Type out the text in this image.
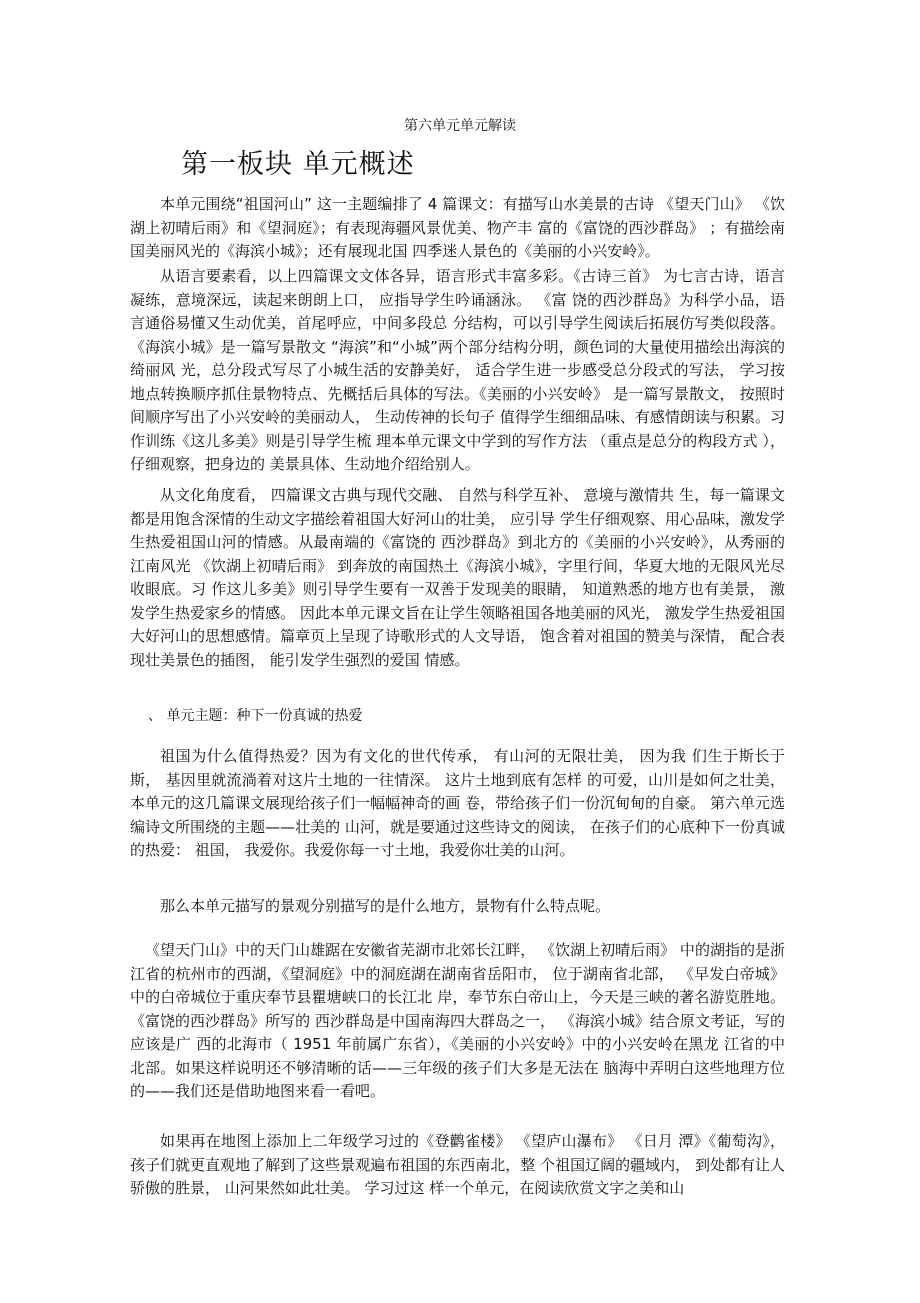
第六单元单元解读
第一板块 单元概述

本单元围绕“祖国河山” 这一主题编排了 4 篇课文：有描写山水美景的古诗 《望天门山》 《饮湖上初晴后雨》和《望洞庭》；有表现海疆风景优美、物产丰 富的《富饶的西沙群岛》 ；有描绘南国美丽风光的《海滨小城》；还有展现北国 四季迷人景色的《美丽的小兴安岭》。

从语言要素看，以上四篇课文文体各异，语言形式丰富多彩。《古诗三首》 为七言古诗，语言凝练，意境深远，读起来朗朗上口， 应指导学生吟诵涵泳。 《富 饶的西沙群岛》为科学小品，语言通俗易懂又生动优美，首尾呼应，中间多段总 分结构，可以引导学生阅读后拓展仿写类似段落。 《海滨小城》是一篇写景散文 “海滨”和“小城”两个部分结构分明，颜色词的大量使用描绘出海滨的绮丽风 光，总分段式写尽了小城生活的安静美好， 适合学生进一步感受总分段式的写法， 学习按地点转换顺序抓住景物特点、先概括后具体的写法。《美丽的小兴安岭》 是一篇写景散文， 按照时间顺序写出了小兴安岭的美丽动人， 生动传神的长句子 值得学生细细品味、有感情朗读与积累。习作训练《这儿多美》则是引导学生梳 理本单元课文中学到的写作方法 （重点是总分的构段方式 ），仔细观察，把身边的 美景具体、生动地介绍给别人。

从文化角度看， 四篇课文古典与现代交融、 自然与科学互补、 意境与激情共 生，每一篇课文都是用饱含深情的生动文字描绘着祖国大好河山的壮美， 应引导 学生仔细观察、用心品味，激发学生热爱祖国山河的情感。从最南端的《富饶的 西沙群岛》到北方的《美丽的小兴安岭》，从秀丽的江南风光 《饮湖上初晴后雨》 到奔放的南国热土《海滨小城》，字里行间，华夏大地的无限风光尽收眼底。习 作这儿多美》则引导学生要有一双善于发现美的眼睛， 知道熟悉的地方也有美景， 激发学生热爱家乡的情感。 因此本单元课文旨在让学生领略祖国各地美丽的风光， 激发学生热爱祖国大好河山的思想感情。篇章页上呈现了诗歌形式的人文导语， 饱含着对祖国的赞美与深情， 配合表现壮美景色的插图， 能引发学生强烈的爱国 情感。

、 单元主题：种下一份真诚的热爱

祖国为什么值得热爱？因为有文化的世代传承， 有山河的无限壮美， 因为我 们生于斯长于斯， 基因里就流淌着对这片土地的一往情深。 这片土地到底有怎样 的可爱，山川是如何之壮美， 本单元的这几篇课文展现给孩子们一幅幅神奇的画 卷，带给孩子们一份沉甸甸的自豪。 第六单元选编诗文所围绕的主题——壮美的 山河，就是要通过这些诗文的阅读， 在孩子们的心底种下一份真诚的热爱： 祖国， 我爱你。我爱你每一寸土地，我爱你壮美的山河。

那么本单元描写的景观分别描写的是什么地方，景物有什么特点呢。

《望天门山》中的天门山雄踞在安徽省芜湖市北郊长江畔， 《饮湖上初晴后雨》 中的湖指的是浙江省的杭州市的西湖，《望洞庭》中的洞庭湖在湖南省岳阳市， 位于湖南省北部， 《早发白帝城》 中的白帝城位于重庆奉节县瞿塘峡口的长江北 岸，奉节东白帝山上，今天是三峡的著名游览胜地。 《富饶的西沙群岛》所写的 西沙群岛是中国南海四大群岛之一， 《海滨小城》结合原文考证，写的应该是广 西的北海市（ 1951 年前属广东省），《美丽的小兴安岭》中的小兴安岭在黑龙 江省的中北部。如果这样说明还不够清晰的话——三年级的孩子们大多是无法在 脑海中弄明白这些地理方位的——我们还是借助地图来看一看吧。

如果再在地图上添加上二年级学习过的《登鹳雀楼》 《望庐山瀑布》 《日月 潭》《葡萄沟》，孩子们就更直观地了解到了这些景观遍布祖国的东西南北，整 个祖国辽阔的疆域内， 到处都有让人骄傲的胜景， 山河果然如此壮美。 学习过这 样一个单元，在阅读欣赏文字之美和山
